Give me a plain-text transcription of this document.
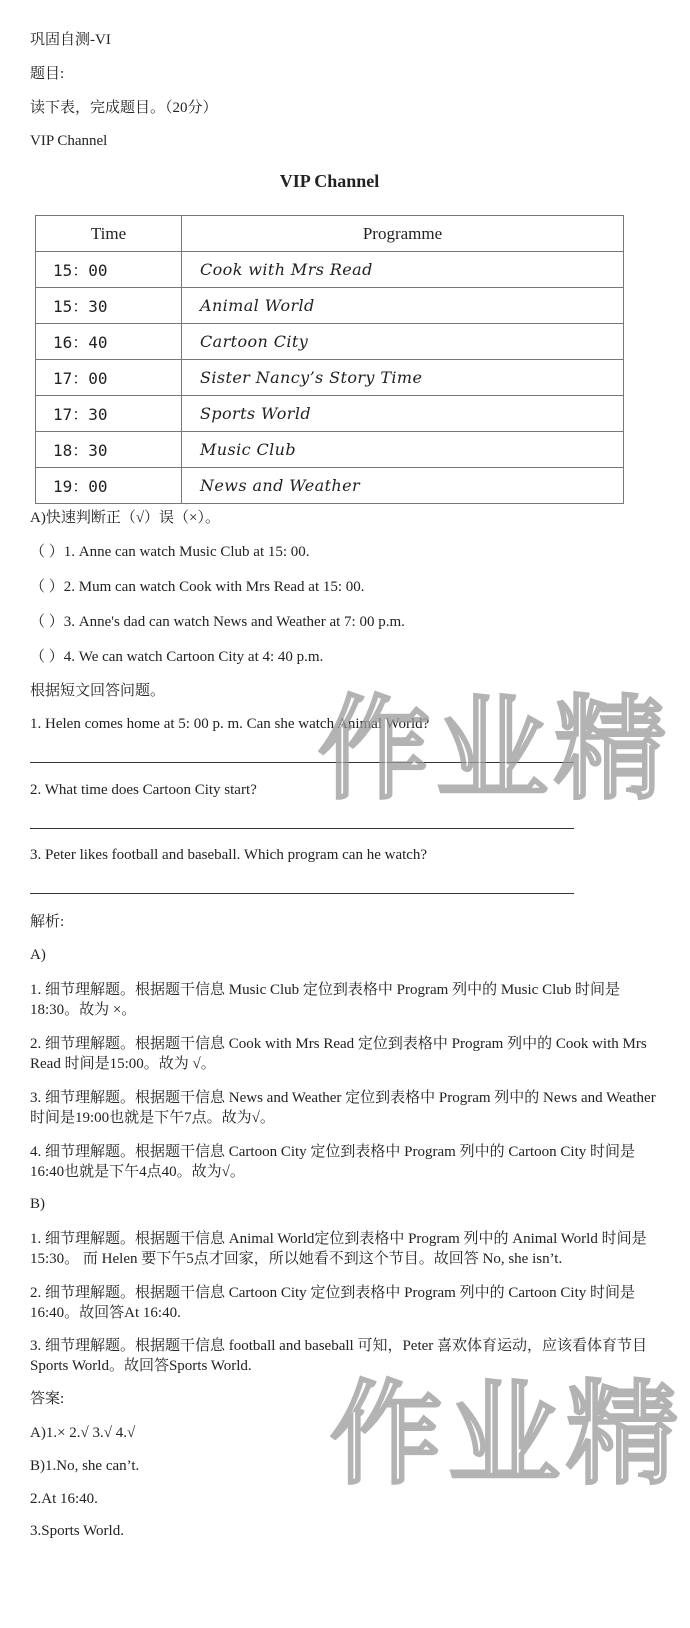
巩固自测-VI
题目:
读下表，完成题目。（20分）
VIP Channel
VIP Channel
Time	Programme
15：00	Cook with Mrs Read
15：30	Animal World
16：40	Cartoon City
17：00	Sister Nancy’s Story Time
17：30	Sports World
18：30	Music Club
19：00	News and Weather
A)快速判断正（√）误（×）。
（ ）1. Anne can watch Music Club at 15: 00.
（ ）2. Mum can watch Cook with Mrs Read at 15: 00.
（ ）3. Anne's dad can watch News and Weather at 7: 00 p.m.
（ ）4. We can watch Cartoon City at 4: 40 p.m.
根据短文回答问题。
1. Helen comes home at 5: 00 p. m. Can she watch Animal World?
2. What time does Cartoon City start?
3. Peter likes football and baseball. Which program can he watch?
解析:
A)
1. 细节理解题。根据题干信息 Music Club 定位到表格中 Program 列中的 Music Club 时间是18:30。故为 ×。
2. 细节理解题。根据题干信息 Cook with Mrs Read 定位到表格中 Program 列中的 Cook with Mrs Read 时间是15:00。故为 √。
3. 细节理解题。根据题干信息 News and Weather 定位到表格中 Program 列中的 News and Weather 时间是19:00也就是下午7点。故为√。
4. 细节理解题。根据题干信息 Cartoon City 定位到表格中 Program 列中的 Cartoon City 时间是16:40也就是下午4点40。故为√。
B)
1. 细节理解题。根据题干信息 Animal World定位到表格中 Program 列中的 Animal World 时间是15:30。 而 Helen 要下午5点才回家，所以她看不到这个节目。故回答 No, she isn’t.
2. 细节理解题。根据题干信息 Cartoon City 定位到表格中 Program 列中的 Cartoon City 时间是16:40。故回答At 16:40.
3. 细节理解题。根据题干信息 football and baseball 可知，Peter 喜欢体育运动，应该看体育节目 Sports World。故回答Sports World.
答案:
A)1.× 2.√ 3.√ 4.√
B)1.No, she can’t.
2.At 16:40.
3.Sports World.
作业精
作业精
